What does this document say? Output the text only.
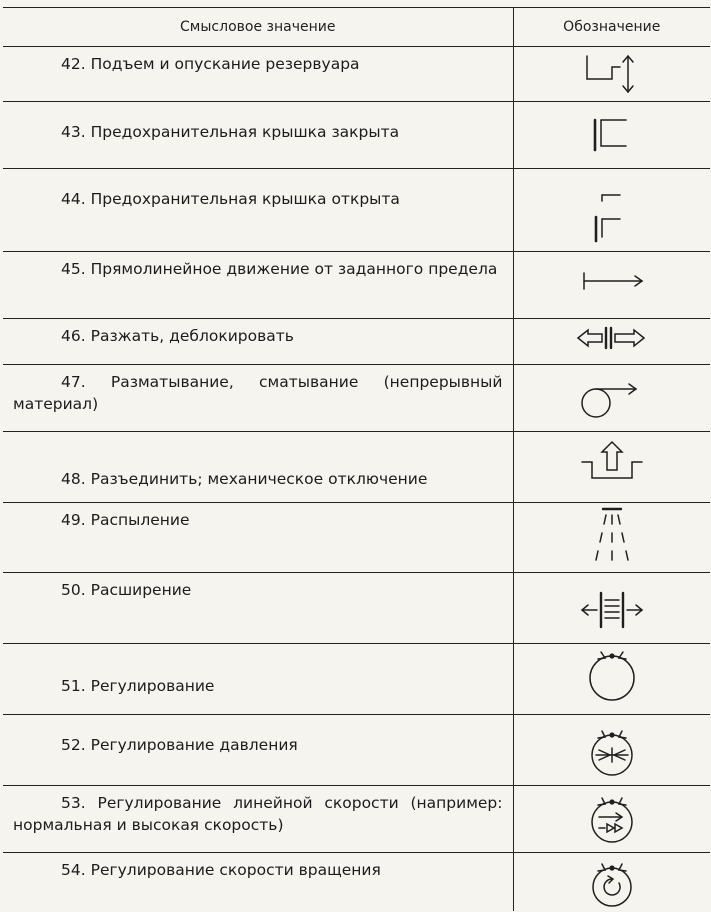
Смысловое значение	Обозначение

42. Подъем и опускание резервуара

43. Предохранительная крышка закрыта

44. Предохранительная крышка открыта

45. Прямолинейное движение от заданного предела

46. Разжать, деблокировать

47. Разматывание, сматывание (непрерывный материал)

48. Разъединить; механическое отключение

49. Распыление

50. Расширение

51. Регулирование

52. Регулирование давления

53. Регулирование линейной скорости (например: нормальная и высокая скорость)

54. Регулирование скорости вращения
